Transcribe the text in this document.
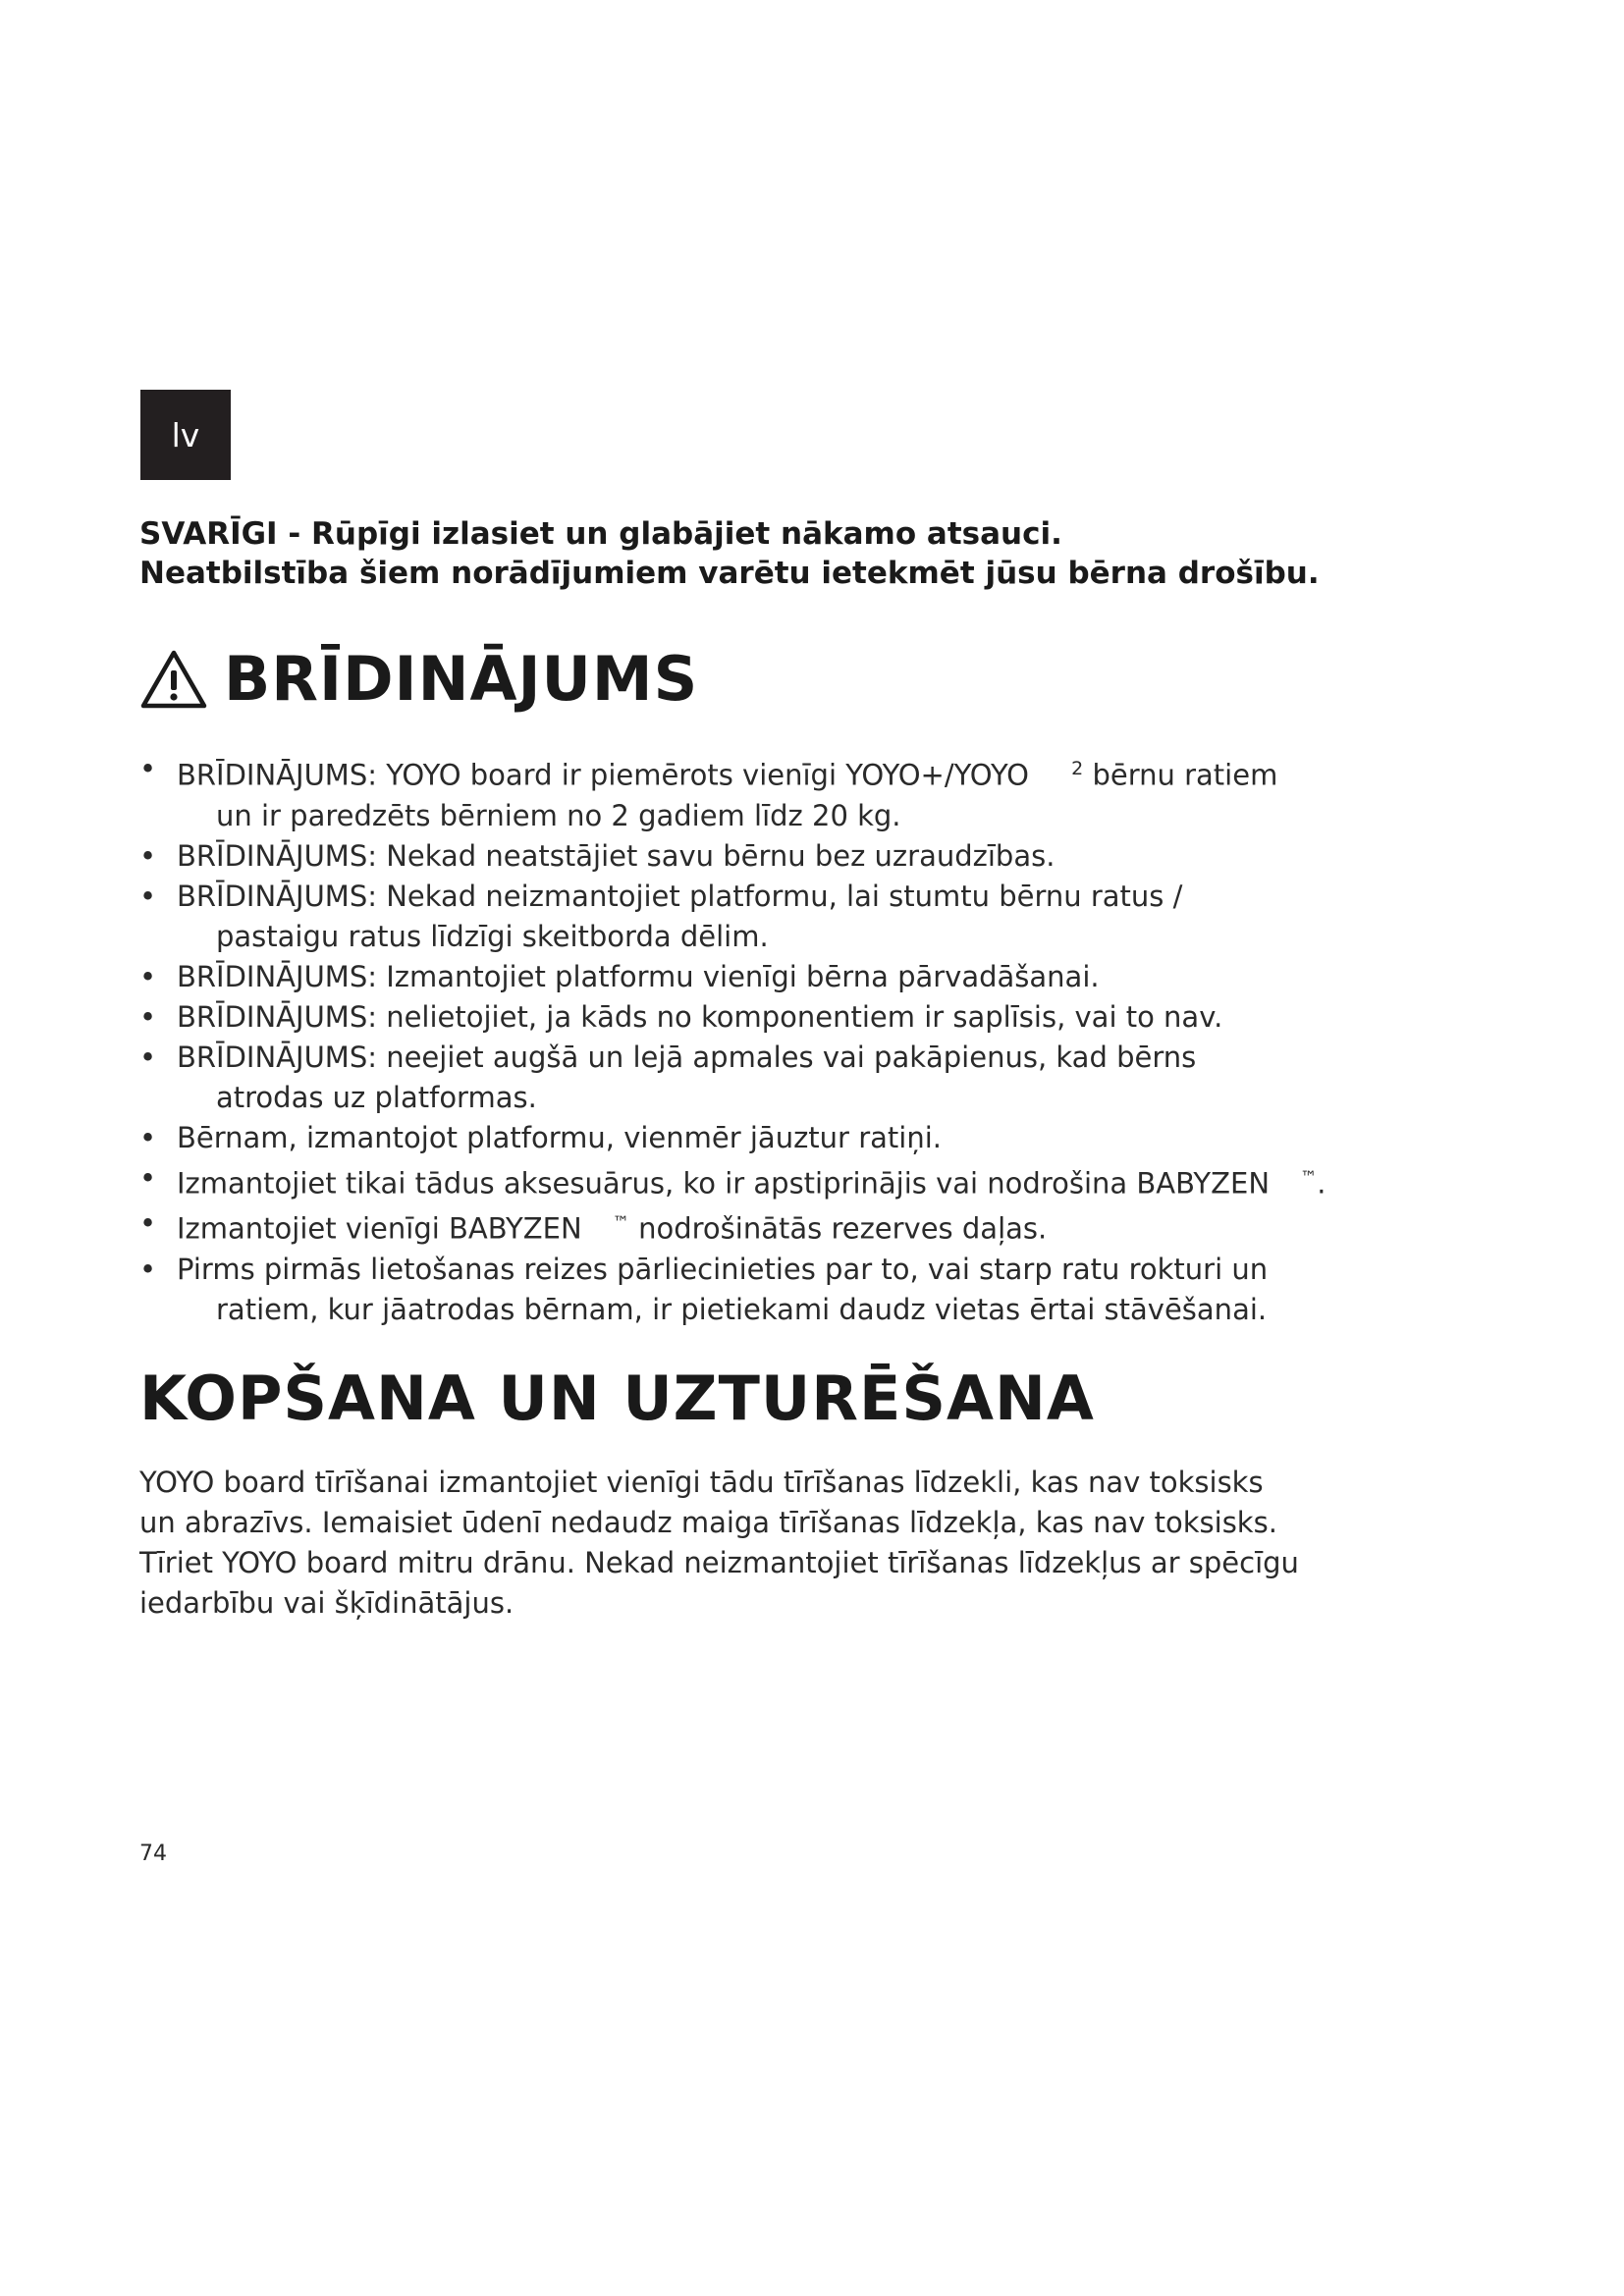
lv
SVARĪGI - Rūpīgi izlasiet un glabājiet nākamo atsauci.
Neatbilstība šiem norādījumiem varētu ietekmēt jūsu bērna drošību.
BRĪDINĀJUMS
• BRĪDINĀJUMS: YOYO board ir piemērots vienīgi YOYO+/YOYO $^2$ bērnu ratiem
un ir paredzēts bērniem no 2 gadiem līdz 20 kg.
• BRĪDINĀJUMS: Nekad neatstājiet savu bērnu bez uzraudzības.
• BRĪDINĀJUMS: Nekad neizmantojiet platformu, lai stumtu bērnu ratus /
pastaigu ratus līdzīgi skeitborda dēlim.
• BRĪDINĀJUMS: Izmantojiet platformu vienīgi bērna pārvadāšanai.
• BRĪDINĀJUMS: nelietojiet, ja kāds no komponentiem ir saplīsis, vai to nav.
• BRĪDINĀJUMS: neejiet augšā un lejā apmales vai pakāpienus, kad bērns
atrodas uz platformas.
• Bērnam, izmantojot platformu, vienmēr jāuztur ratiņi.
• Izmantojiet tikai tādus aksesuārus, ko ir apstiprinājis vai nodrošina BABYZEN ™.
• Izmantojiet vienīgi BABYZEN ™ nodrošinātās rezerves daļas.
• Pirms pirmās lietošanas reizes pārliecinieties par to, vai starp ratu rokturi un
ratiem, kur jāatrodas bērnam, ir pietiekami daudz vietas ērtai stāvēšanai.
KOPŠANA UN UZTURĒŠANA
YOYO board tīrīšanai izmantojiet vienīgi tādu tīrīšanas līdzekli, kas nav toksisks
un abrazīvs. Iemaisiet ūdenī nedaudz maiga tīrīšanas līdzekļa, kas nav toksisks.
Tīriet YOYO board mitru drānu. Nekad neizmantojiet tīrīšanas līdzekļus ar spēcīgu
iedarbību vai šķīdinātājus.
74
